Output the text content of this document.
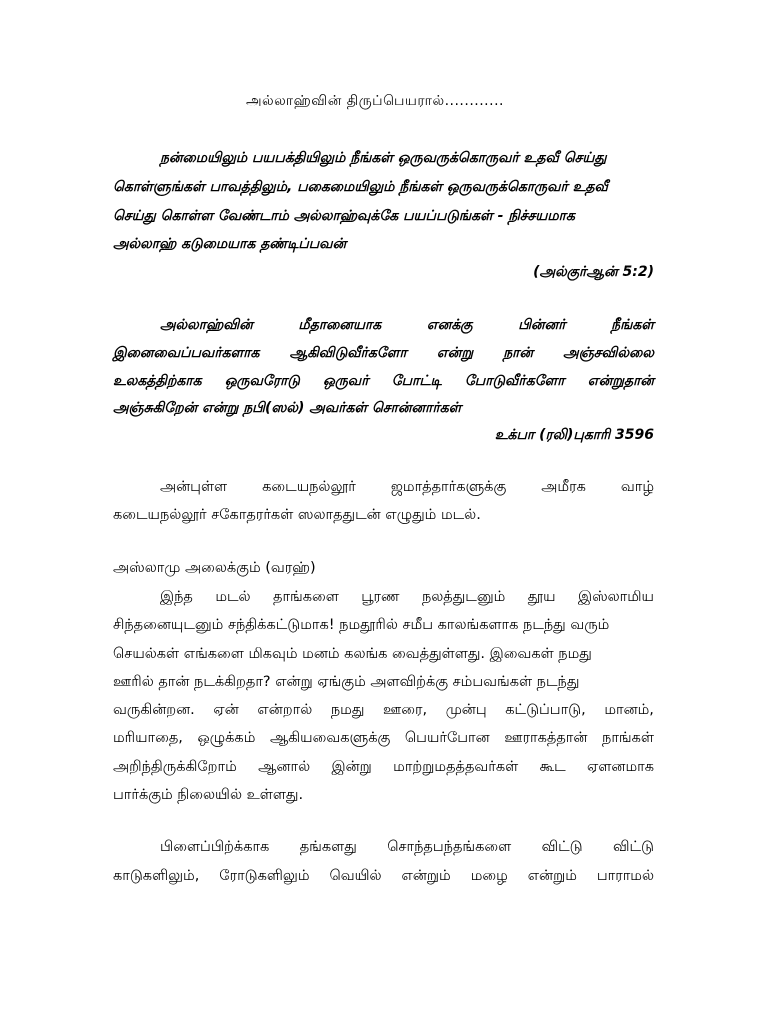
அல்லாஹ்வின் திருப்பெயரால்............
நன்மையிலும் பயபக்தியிலும் நீங்கள் ஒருவருக்கொருவர் உதவீ செய்து
கொள்ளுங்கள் பாவத்திலும், பகைமையிலும் நீங்கள் ஒருவருக்கொருவர் உதவீ
செய்து கொள்ள வேண்டாம் அல்லாஹ்வுக்கே பயப்படுங்கள் - நிச்சயமாக
அல்லாஹ் கடுமையாக தண்டிப்பவன்
(அல்குர்ஆன் 5:2)
அல்லாஹ்வின்	மீதானையாக	எனக்கு	பின்னர்	நீங்கள்
இனைவைப்பவர்களாக ஆகிவிடுவீர்களோ என்று நான் அஞ்சவில்லை
உலகத்திற்காக ஒருவரோடு ஒருவர் போட்டி போடுவீர்களோ என்றுதான்
அஞ்சுகிறேன் என்று நபி(ஸல்) அவர்கள் சொன்னார்கள்
உக்பா (ரலி)புகாரி 3596
அன்புள்ள கடையநல்லூர் ஜமாத்தார்களுக்கு அமீரக வாழ்
கடையநல்லூர் சகோதரர்கள் ஸலாததுடன் எழுதும் மடல்.
அஸ்லாமு அலைக்கும் (வரஹ்)
இந்த மடல் தாங்களை பூரண நலத்துடனும் தூய இஸ்லாமிய
சிந்தனையுடனும் சந்திக்கட்டுமாக! நமதூரில் சமீப காலங்களாக நடந்து வரும்
செயல்கள் எங்களை மிகவும் மனம் கலங்க வைத்துள்ளது. இவைகள் நமது
ஊரில் தான் நடக்கிறதா? என்று ஏங்கும் அளவிற்க்கு சம்பவங்கள் நடந்து
வருகின்றன. ஏன் என்றால் நமது ஊரை, முன்பு கட்டுப்பாடு, மானம்,
மரியாதை, ஒழுக்கம் ஆகியவைகளுக்கு பெயர்போன ஊராகத்தான் நாங்கள்
அறிந்திருக்கிறோம் ஆனால் இன்று மாற்றுமதத்தவர்கள் கூட ஏளனமாக
பார்க்கும் நிலையில் உள்ளது.
பிளைப்பிற்க்காக தங்களது சொந்தபந்தங்களை விட்டு விட்டு
காடுகளிலும், ரோடுகளிலும் வெயில் என்றும் மழை என்றும் பாராமல்
